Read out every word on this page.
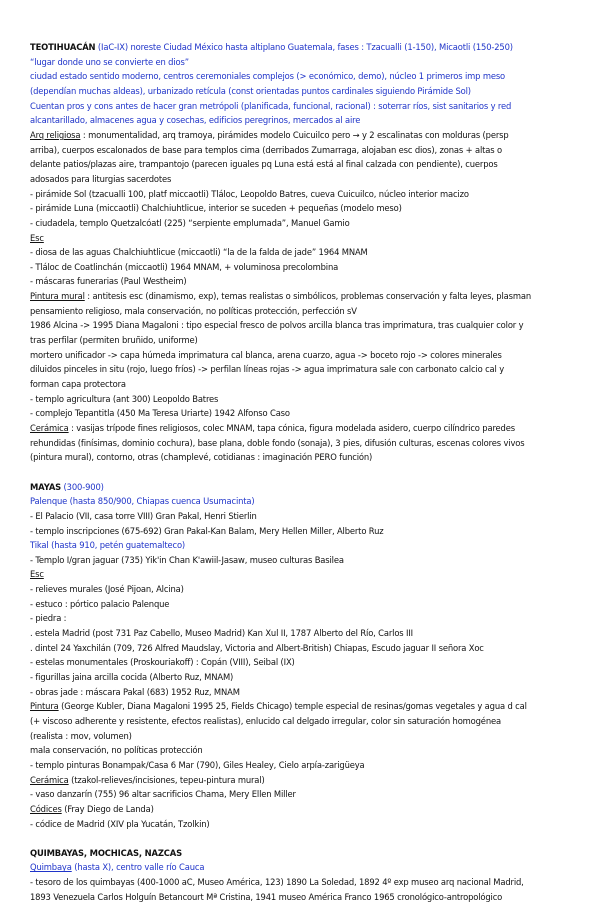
TEOTIHUACÁN (IaC-IX) noreste Ciudad México hasta altiplano Guatemala, fases : Tzacualli (1-150), Micaotli (150-250)
“lugar donde uno se convierte en dios”
ciudad estado sentido moderno, centros ceremoniales complejos (> económico, demo), núcleo 1 primeros imp meso
(dependían muchas aldeas), urbanizado retícula (const orientadas puntos cardinales siguiendo Pirámide Sol)
Cuentan pros y cons antes de hacer gran metrópoli (planificada, funcional, racional) : soterrar ríos, sist sanitarios y red
alcantarillado, almacenes agua y cosechas, edificios peregrinos, mercados al aire
Arq religiosa : monumentalidad, arq tramoya, pirámides modelo Cuicuilco pero → y 2 escalinatas con molduras (persp
arriba), cuerpos escalonados de base para templos cima (derribados Zumarraga, alojaban esc dios), zonas + altas o
delante patios/plazas aire, trampantojo (parecen iguales pq Luna está está al final calzada con pendiente), cuerpos
adosados para liturgias sacerdotes
- pirámide Sol (tzacualli 100, platf miccaotli) Tláloc, Leopoldo Batres, cueva Cuicuilco, núcleo interior macizo
- pirámide Luna (miccaotli) Chalchiuhtlicue, interior se suceden + pequeñas (modelo meso)
- ciudadela, templo Quetzalcóatl (225) “serpiente emplumada”, Manuel Gamio
Esc
- diosa de las aguas Chalchiuhtlicue (miccaotli) “la de la falda de jade” 1964 MNAM
- Tláloc de Coatlinchán (miccaotli) 1964 MNAM, + voluminosa precolombina
- máscaras funerarias (Paul Westheim)
Pintura mural : antitesis esc (dinamismo, exp), temas realistas o simbólicos, problemas conservación y falta leyes, plasman
pensamiento religioso, mala conservación, no políticas protección, perfección sV
1986 Alcina -> 1995 Diana Magaloni : tipo especial fresco de polvos arcilla blanca tras imprimatura, tras cualquier color y
tras perfilar (permiten bruñido, uniforme)
mortero unificador -> capa húmeda imprimatura cal blanca, arena cuarzo, agua -> boceto rojo -> colores minerales
diluidos pinceles in situ (rojo, luego fríos) -> perfilan líneas rojas -> agua imprimatura sale con carbonato calcio cal y
forman capa protectora
- templo agricultura (ant 300) Leopoldo Batres
- complejo Tepantitla (450 Ma Teresa Uriarte) 1942 Alfonso Caso
Cerámica : vasijas trípode fines religiosos, colec MNAM, tapa cónica, figura modelada asidero, cuerpo cilíndrico paredes
rehundidas (finísimas, dominio cochura), base plana, doble fondo (sonaja), 3 pies, difusión culturas, escenas colores vivos
(pintura mural), contorno, otras (champlevé, cotidianas : imaginación PERO función)
MAYAS (300-900)
Palenque (hasta 850/900, Chiapas cuenca Usumacinta)
- El Palacio (VII, casa torre VIII) Gran Pakal, Henri Stierlin
- templo inscripciones (675-692) Gran Pakal-Kan Balam, Mery Hellen Miller, Alberto Ruz
Tikal (hasta 910, petén guatemalteco)
- Templo I/gran jaguar (735) Yik'in Chan K'awiil-Jasaw, museo culturas Basilea
Esc
- relieves murales (José Pijoan, Alcina)
- estuco : pórtico palacio Palenque
- piedra :
. estela Madrid (post 731 Paz Cabello, Museo Madrid) Kan Xul II, 1787 Alberto del Río, Carlos III
. dintel 24 Yaxchilán (709, 726 Alfred Maudslay, Victoria and Albert-British) Chiapas, Escudo jaguar II señora Xoc
- estelas monumentales (Proskouriakoff) : Copán (VIII), Seibal (IX)
- figurillas jaina arcilla cocida (Alberto Ruz, MNAM)
- obras jade : máscara Pakal (683) 1952 Ruz, MNAM
Pintura (George Kubler, Diana Magaloni 1995 25, Fields Chicago) temple especial de resinas/gomas vegetales y agua d cal
(+ viscoso adherente y resistente, efectos realistas), enlucido cal delgado irregular, color sin saturación homogénea
(realista : mov, volumen)
mala conservación, no políticas protección
- templo pinturas Bonampak/Casa 6 Mar (790), Giles Healey, Cielo arpía-zarigüeya
Cerámica (tzakol-relieves/incisiones, tepeu-pintura mural)
- vaso danzarín (755) 96 altar sacrificios Chama, Mery Ellen Miller
Códices (Fray Diego de Landa)
- códice de Madrid (XIV pla Yucatán, Tzolkin)
QUIMBAYAS, MOCHICAS, NAZCAS
Quimbaya (hasta X), centro valle río Cauca
- tesoro de los quimbayas (400-1000 aC, Museo América, 123) 1890 La Soledad, 1892 4º exp museo arq nacional Madrid,
1893 Venezuela Carlos Holguín Betancourt Mª Cristina, 1941 museo América Franco 1965 cronológico-antropológico
